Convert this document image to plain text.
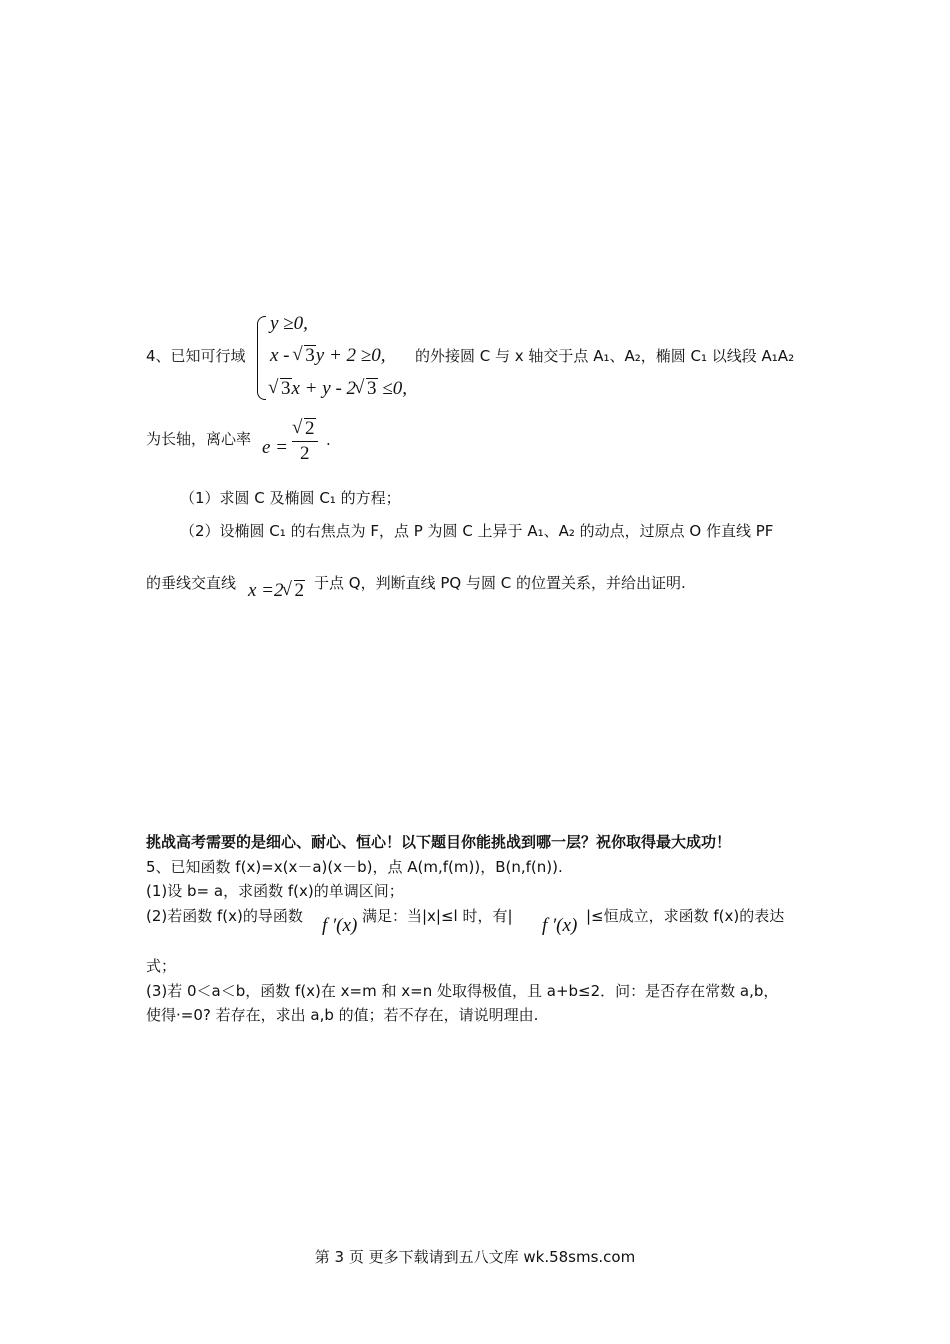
4、已知可行域
y ≥0,
x - √ 3y + 2 ≥0,
√ 3x + y - 2 √ 3 ≤0,
的外接圆 C 与 x 轴交于点 A₁、A₂，椭圆 C₁ 以线段 A₁A₂
为长轴，离心率 e =
√ 2
2
.
（1）求圆 C 及椭圆 C₁ 的方程；
（2）设椭圆 C₁ 的右焦点为 F，点 P 为圆 C 上异于 A₁、A₂ 的动点，过原点 O 作直线 PF
的垂线交直线 x =2 √ 2 于点 Q，判断直线 PQ 与圆 C 的位置关系，并给出证明.
挑战高考需要的是细心、耐心、恒心！以下题目你能挑战到哪一层？祝你取得最大成功！
5、已知函数 f(x)=x(x－a)(x－b)，点 A(m,f(m))，B(n,f(n)).
(1)设 b= a，求函数 f(x)的单调区间；
(2)若函数 f(x)的导函数 f ′(x) 满足：当|x|≤l 时，有| f ′(x) |≤恒成立，求函数 f(x)的表达
式；
(3)若 0＜a＜b，函数 f(x)在 x=m 和 x=n 处取得极值，且 a+b≤2．问：是否存在常数 a,b，
使得·=0? 若存在，求出 a,b 的值；若不存在，请说明理由.
第 3 页 更多下载请到五八文库 wk.58sms.com
